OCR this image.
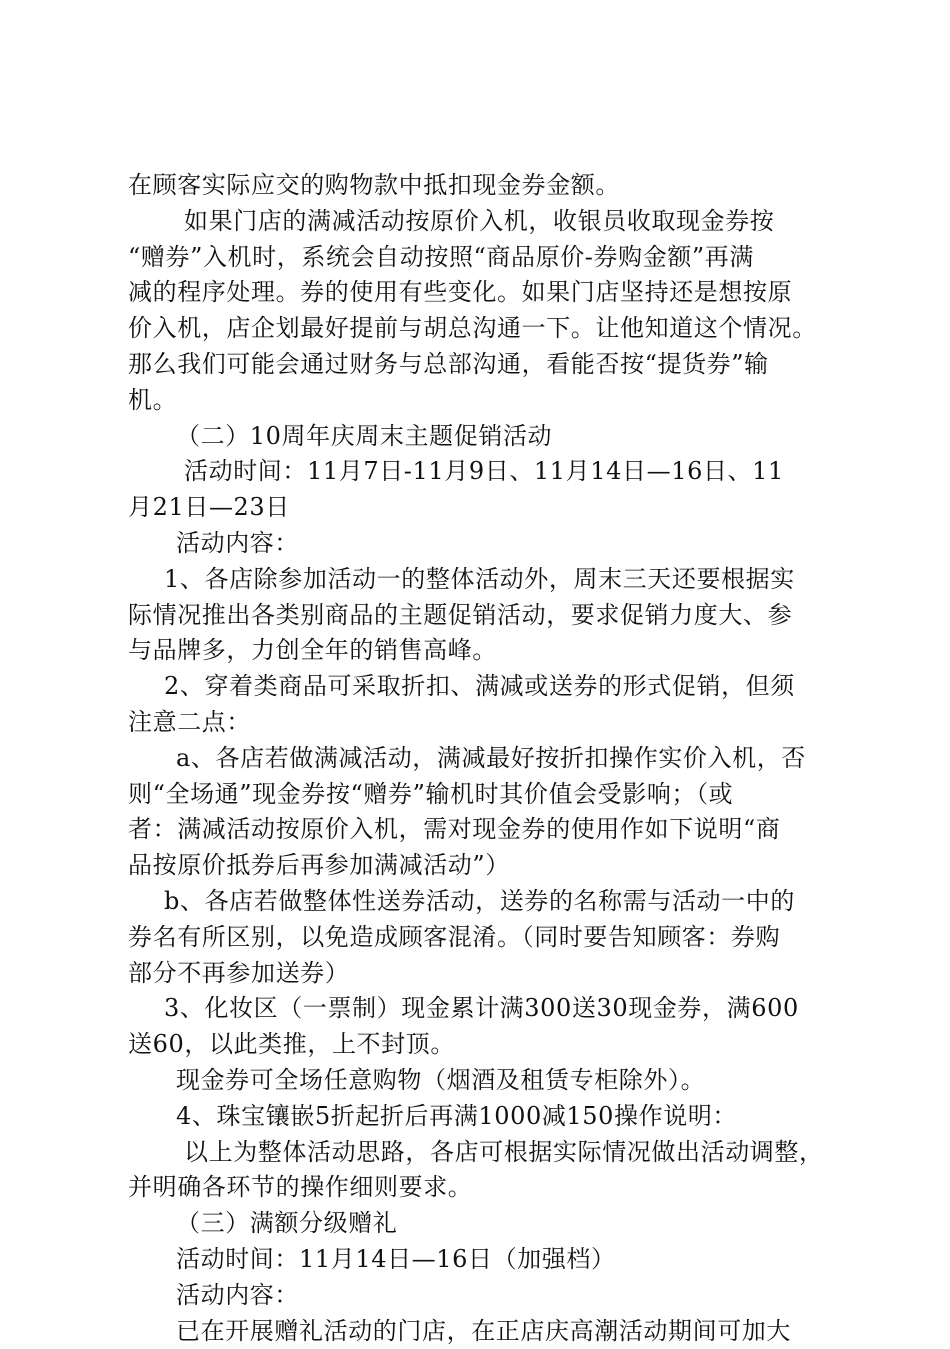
在顾客实际应交的购物款中抵扣现金券金额。
如果门店的满减活动按原价入机，收银员收取现金券按
“赠券”入机时，系统会自动按照“商品原价-券购金额”再满
减的程序处理。券的使用有些变化。如果门店坚持还是想按原
价入机，店企划最好提前与胡总沟通一下。让他知道这个情况。
那么我们可能会通过财务与总部沟通，看能否按“提货券”输
机。
（二）10周年庆周末主题促销活动
活动时间：11月7日-11月9日、11月14日—16日、11
月21日—23日
活动内容：
1、各店除参加活动一的整体活动外，周末三天还要根据实
际情况推出各类别商品的主题促销活动，要求促销力度大、参
与品牌多，力创全年的销售高峰。
2、穿着类商品可采取折扣、满减或送券的形式促销，但须
注意二点：
a、各店若做满减活动，满减最好按折扣操作实价入机，否
则“全场通”现金券按“赠券”输机时其价值会受影响；（或
者：满减活动按原价入机，需对现金券的使用作如下说明“商
品按原价抵券后再参加满减活动”）
b、各店若做整体性送券活动，送券的名称需与活动一中的
券名有所区别，以免造成顾客混淆。（同时要告知顾客：券购
部分不再参加送券）
3、化妆区（一票制）现金累计满300送30现金券，满600
送60，以此类推，上不封顶。
现金券可全场任意购物（烟酒及租赁专柜除外）。
4、珠宝镶嵌5折起折后再满1000减150操作说明：
以上为整体活动思路，各店可根据实际情况做出活动调整，
并明确各环节的操作细则要求。
（三）满额分级赠礼
活动时间：11月14日—16日（加强档）
活动内容：
已在开展赠礼活动的门店，在正店庆高潮活动期间可加大
